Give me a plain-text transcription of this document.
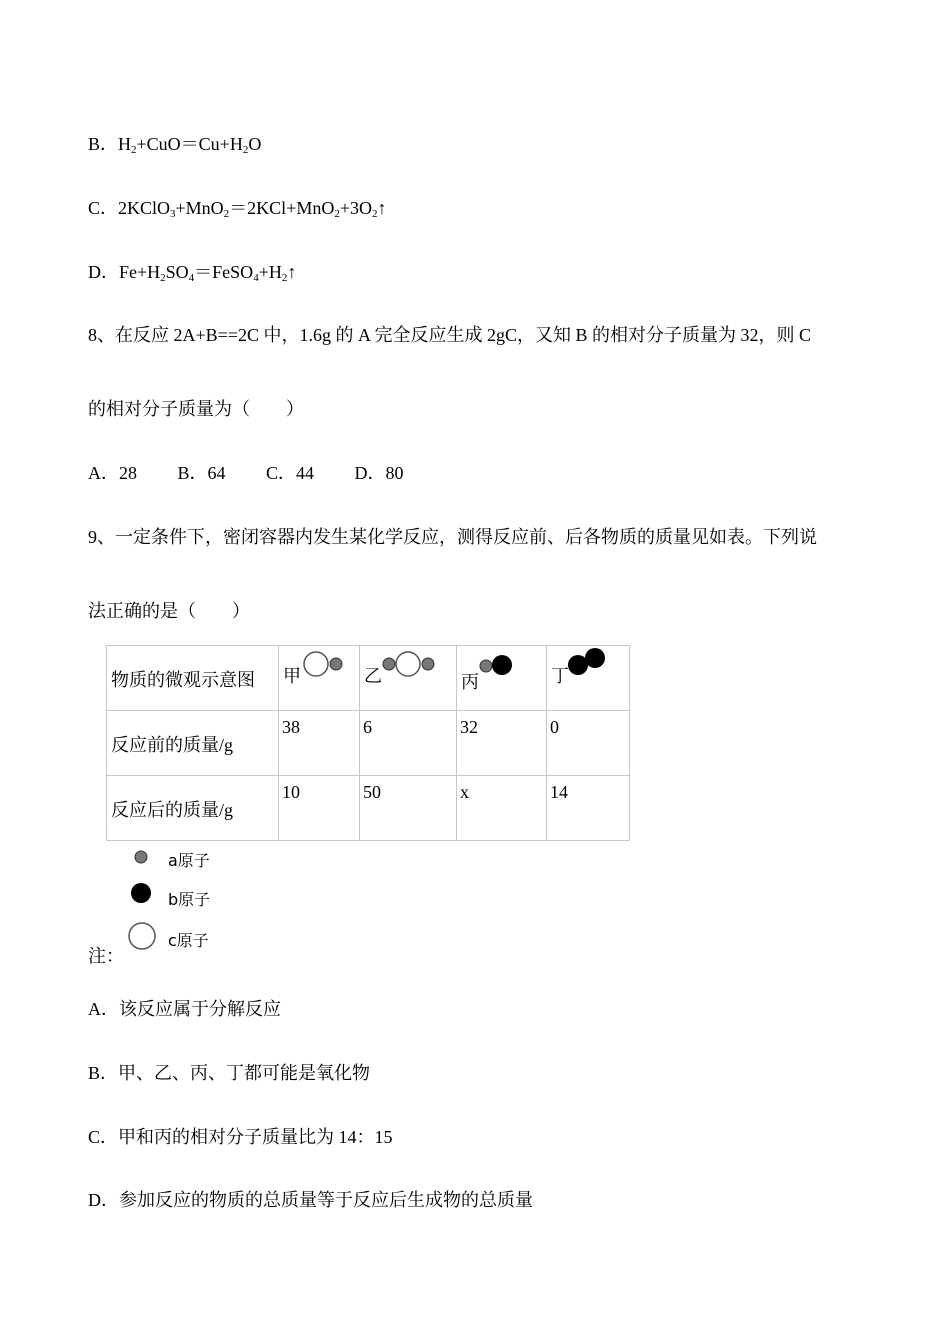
B．$H_2+CuO=Cu+H_2O$
C．$2KClO_3+MnO_2=2KCl+MnO_2+3O_2↑$
D．$Fe+H_2SO_4=FeSO_4+H_2↑$
8、在反应 2A+B==2C 中，1.6g 的 A 完全反应生成 2gC，又知 B 的相对分子质量为 32，则 C
的相对分子质量为（　　）
A．28 B．64 C．44 D．80
9、一定条件下，密闭容器内发生某化学反应，测得反应前、后各物质的质量见如表。下列说
法正确的是（　　）
物质的微观示意图	甲	乙	丙	丁

反应前的质量/g	38	6	32	0

反应后的质量/g	10	50	x	14
a原子
b原子
c原子
注：
A．该反应属于分解反应
B．甲、乙、丙、丁都可能是氧化物
C．甲和丙的相对分子质量比为 14：15
D．参加反应的物质的总质量等于反应后生成物的总质量
